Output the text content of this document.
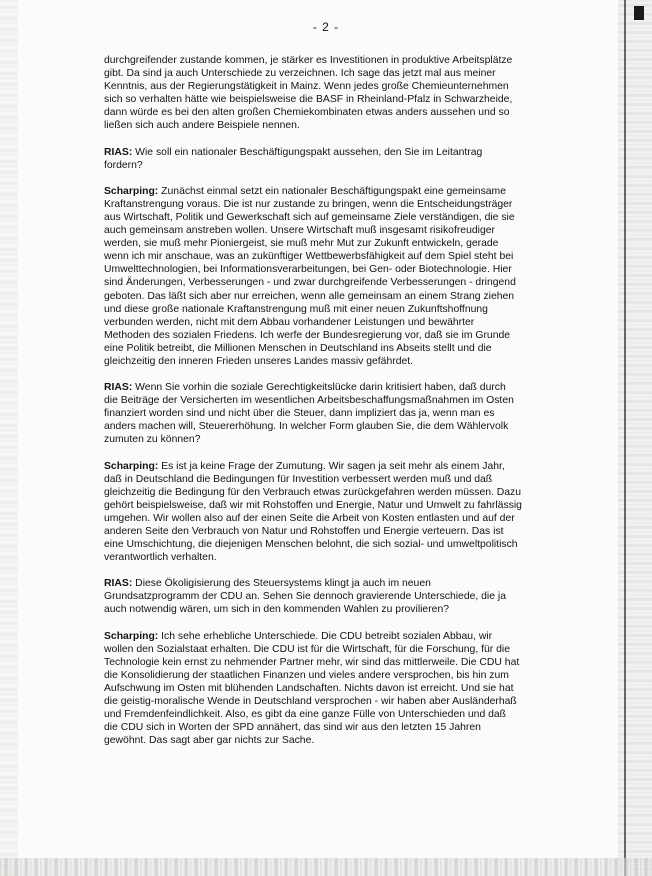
- 2 -

durchgreifender zustande kommen, je stärker es Investitionen in produktive Arbeitsplätze gibt. Da sind ja auch Unterschiede zu verzeichnen. Ich sage das jetzt mal aus meiner Kenntnis, aus der Regierungstätigkeit in Mainz. Wenn jedes große Chemieunternehmen sich so verhalten hätte wie beispielsweise die BASF in Rheinland-Pfalz in Schwarzheide, dann würde es bei den alten großen Chemiekombinaten etwas anders aussehen und so ließen sich auch andere Beispiele nennen.

RIAS: Wie soll ein nationaler Beschäftigungspakt aussehen, den Sie im Leitantrag fordern?

Scharping: Zunächst einmal setzt ein nationaler Beschäftigungspakt eine gemeinsame Kraftanstrengung voraus. Die ist nur zustande zu bringen, wenn die Entscheidungsträger aus Wirtschaft, Politik und Gewerkschaft sich auf gemeinsame Ziele verständigen, die sie auch gemeinsam anstreben wollen. Unsere Wirtschaft muß insgesamt risikofreudiger werden, sie muß mehr Pioniergeist, sie muß mehr Mut zur Zukunft entwickeln, gerade wenn ich mir anschaue, was an zukünftiger Wettbewerbsfähigkeit auf dem Spiel steht bei Umwelttechnologien, bei Informationsverarbeitungen, bei Gen- oder Biotechnologie. Hier sind Änderungen, Verbesserungen - und zwar durchgreifende Verbesserungen - dringend geboten. Das läßt sich aber nur erreichen, wenn alle gemeinsam an einem Strang ziehen und diese große nationale Kraftanstrengung muß mit einer neuen Zukunftshoffnung verbunden werden, nicht mit dem Abbau vorhandener Leistungen und bewährter Methoden des sozialen Friedens. Ich werfe der Bundesregierung vor, daß sie im Grunde eine Politik betreibt, die Millionen Menschen in Deutschland ins Abseits stellt und die gleichzeitig den inneren Frieden unseres Landes massiv gefährdet.

RIAS: Wenn Sie vorhin die soziale Gerechtigkeitslücke darin kritisiert haben, daß durch die Beiträge der Versicherten im wesentlichen Arbeitsbeschaffungsmaßnahmen im Osten finanziert worden sind und nicht über die Steuer, dann impliziert das ja, wenn man es anders machen will, Steuererhöhung. In welcher Form glauben Sie, die dem Wählervolk zumuten zu können?

Scharping: Es ist ja keine Frage der Zumutung. Wir sagen ja seit mehr als einem Jahr, daß in Deutschland die Bedingungen für Investition verbessert werden muß und daß gleichzeitig die Bedingung für den Verbrauch etwas zurückgefahren werden müssen. Dazu gehört beispielsweise, daß wir mit Rohstoffen und Energie, Natur und Umwelt zu fahrlässig umgehen. Wir wollen also auf der einen Seite die Arbeit von Kosten entlasten und auf der anderen Seite den Verbrauch von Natur und Rohstoffen und Energie verteuern. Das ist eine Umschichtung, die diejenigen Menschen belohnt, die sich sozial- und umweltpolitisch verantwortlich verhalten.

RIAS: Diese Ökoligisierung des Steuersystems klingt ja auch im neuen Grundsatzprogramm der CDU an. Sehen Sie dennoch gravierende Unterschiede, die ja auch notwendig wären, um sich in den kommenden Wahlen zu provilieren?

Scharping: Ich sehe erhebliche Unterschiede. Die CDU betreibt sozialen Abbau, wir wollen den Sozialstaat erhalten. Die CDU ist für die Wirtschaft, für die Forschung, für die Technologie kein ernst zu nehmender Partner mehr, wir sind das mittlerweile. Die CDU hat die Konsolidierung der staatlichen Finanzen und vieles andere versprochen, bis hin zum Aufschwung im Osten mit blühenden Landschaften. Nichts davon ist erreicht. Und sie hat die geistig-moralische Wende in Deutschland versprochen - wir haben aber Ausländerhaß und Fremdenfeindlichkeit. Also, es gibt da eine ganze Fülle von Unterschieden und daß die CDU sich in Worten der SPD annähert, das sind wir aus den letzten 15 Jahren gewöhnt. Das sagt aber gar nichts zur Sache.
